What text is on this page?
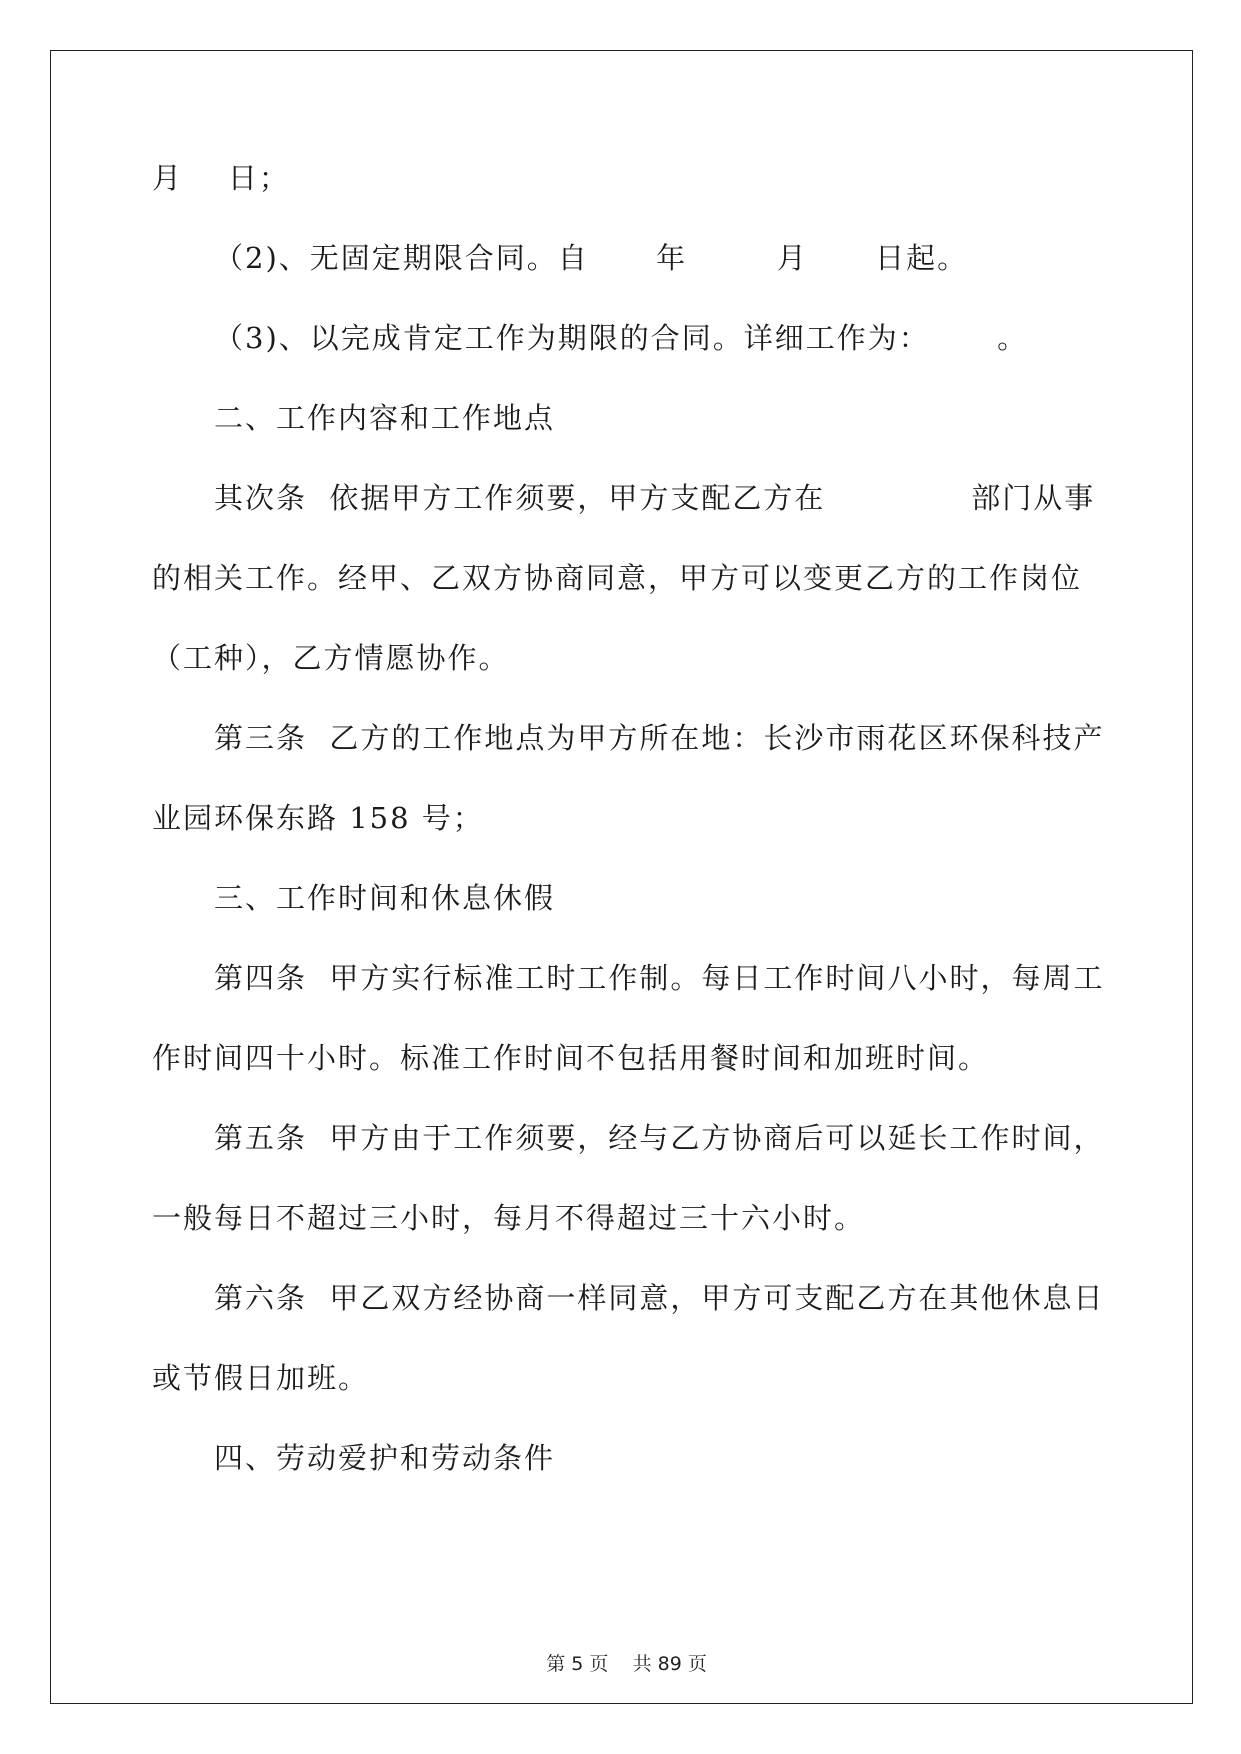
月    日；
（2)、无固定期限合同。自      年        月      日起。
（3)、以完成肯定工作为期限的合同。详细工作为：      。
二、工作内容和工作地点
其次条  依据甲方工作须要，甲方支配乙方在             部门从事
的相关工作。经甲、乙双方协商同意，甲方可以变更乙方的工作岗位
（工种），乙方情愿协作。
第三条  乙方的工作地点为甲方所在地：长沙市雨花区环保科技产
业园环保东路 158 号；
三、工作时间和休息休假
第四条  甲方实行标准工时工作制。每日工作时间八小时，每周工
作时间四十小时。标准工作时间不包括用餐时间和加班时间。
第五条  甲方由于工作须要，经与乙方协商后可以延长工作时间，
一般每日不超过三小时，每月不得超过三十六小时。
第六条  甲乙双方经协商一样同意，甲方可支配乙方在其他休息日
或节假日加班。
四、劳动爱护和劳动条件

第 5 页 共 89 页
